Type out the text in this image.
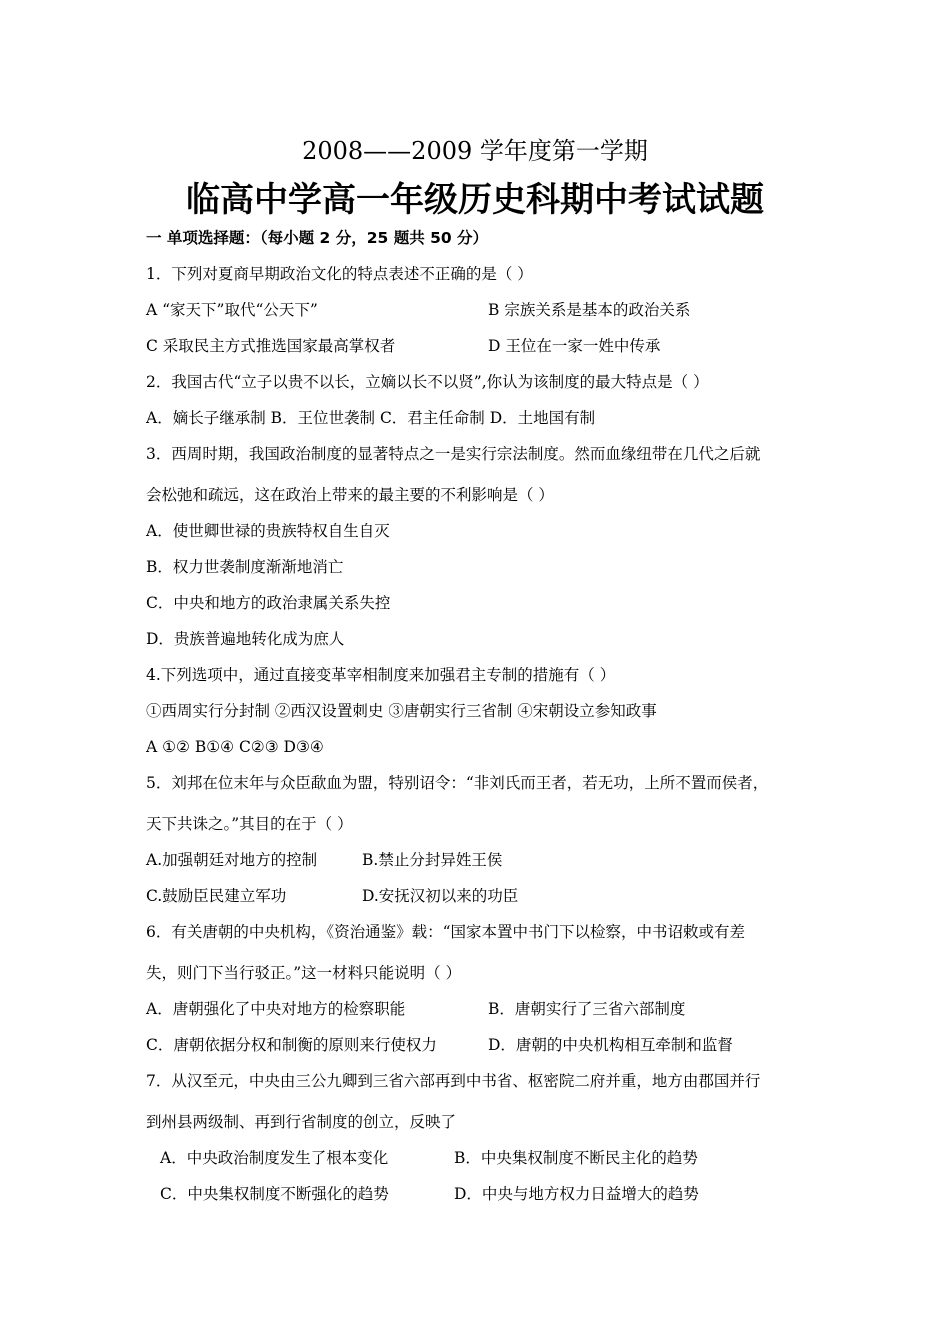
2008——2009 学年度第一学期
临高中学高一年级历史科期中考试试题
一 单项选择题：（每小题 2 分，25 题共 50 分）
1．下列对夏商早期政治文化的特点表述不正确的是（ ）
A “家天下”取代“公天下”	B 宗族关系是基本的政治关系
C 采取民主方式推选国家最高掌权者	D 王位在一家一姓中传承
2．我国古代“立子以贵不以长，立嫡以长不以贤”,你认为该制度的最大特点是（ ）
A．嫡长子继承制 B．王位世袭制 C．君主任命制 D．土地国有制
3．西周时期，我国政治制度的显著特点之一是实行宗法制度。然而血缘纽带在几代之后就
会松弛和疏远，这在政治上带来的最主要的不利影响是（ ）
A．使世卿世禄的贵族特权自生自灭
B．权力世袭制度渐渐地消亡
C．中央和地方的政治隶属关系失控
D．贵族普遍地转化成为庶人
4.下列选项中，通过直接变革宰相制度来加强君主专制的措施有（ ）
①西周实行分封制 ②西汉设置刺史 ③唐朝实行三省制 ④宋朝设立参知政事
A ①② B①④ C②③ D③④
5．刘邦在位末年与众臣歃血为盟，特别诏令：“非刘氏而王者，若无功，上所不置而侯者，
天下共诛之。”其目的在于（ ）
A.加强朝廷对地方的控制	B.禁止分封异姓王侯
C.鼓励臣民建立军功	D.安抚汉初以来的功臣
6．有关唐朝的中央机构，《资治通鉴》载：“国家本置中书门下以检察，中书诏敕或有差
失，则门下当行驳正。”这一材料只能说明（ ）
A．唐朝强化了中央对地方的检察职能	B．唐朝实行了三省六部制度
C．唐朝依据分权和制衡的原则来行使权力	D．唐朝的中央机构相互牵制和监督
7．从汉至元，中央由三公九卿到三省六部再到中书省、枢密院二府并重，地方由郡国并行
到州县两级制、再到行省制度的创立，反映了
A．中央政治制度发生了根本变化	B．中央集权制度不断民主化的趋势
C．中央集权制度不断强化的趋势	D．中央与地方权力日益增大的趋势
